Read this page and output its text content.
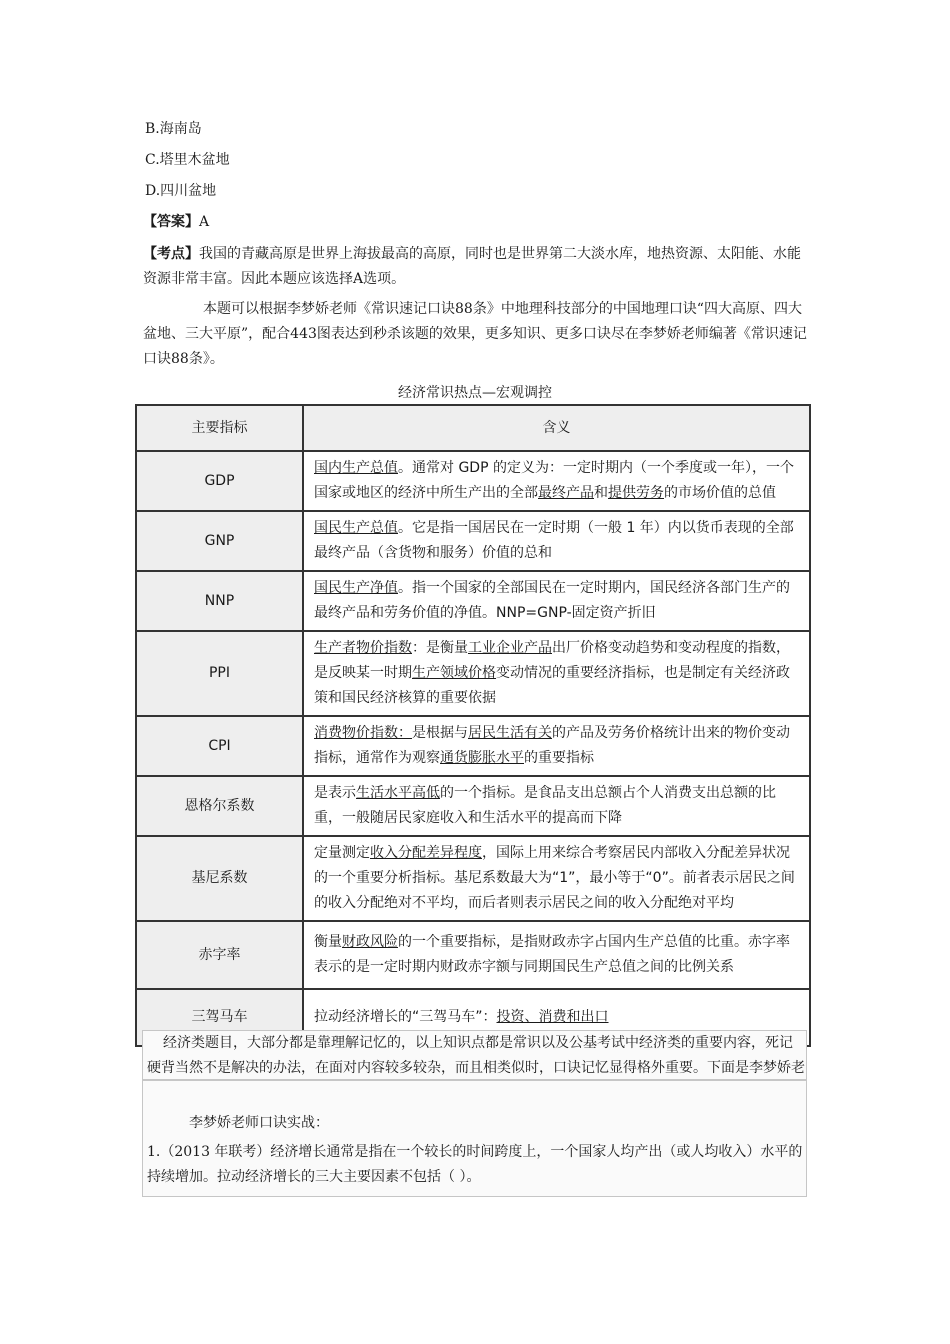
B.海南岛
C.塔里木盆地
D.四川盆地
【答案】A
【考点】我国的青藏高原是世界上海拔最高的高原，同时也是世界第二大淡水库，地热资源、太阳能、水能资源非常丰富。因此本题应该选择A选项。
本题可以根据李梦娇老师《常识速记口诀88条》中地理科技部分的中国地理口诀“四大高原、四大盆地、三大平原”，配合443图表达到秒杀该题的效果，更多知识、更多口诀尽在李梦娇老师编著《常识速记口诀88条》。
经济常识热点—宏观调控
主要指标	含义
GDP	国内生产总值。通常对 GDP 的定义为：一定时期内（一个季度或一年），一个国家或地区的经济中所生产出的全部最终产品和提供劳务的市场价值的总值
GNP	国民生产总值。它是指一国居民在一定时期（一般 1 年）内以货币表现的全部最终产品（含货物和服务）价值的总和
NNP	国民生产净值。指一个国家的全部国民在一定时期内，国民经济各部门生产的最终产品和劳务价值的净值。NNP=GNP-固定资产折旧
PPI	生产者物价指数：是衡量工业企业产品出厂价格变动趋势和变动程度的指数，是反映某一时期生产领域价格变动情况的重要经济指标，也是制定有关经济政策和国民经济核算的重要依据
CPI	消费物价指数：是根据与居民生活有关的产品及劳务价格统计出来的物价变动指标，通常作为观察通货膨胀水平的重要指标
恩格尔系数	是表示生活水平高低的一个指标。是食品支出总额占个人消费支出总额的比重，一般随居民家庭收入和生活水平的提高而下降
基尼系数	定量测定收入分配差异程度，国际上用来综合考察居民内部收入分配差异状况的一个重要分析指标。基尼系数最大为“1”，最小等于“0”。前者表示居民之间的收入分配绝对不平均，而后者则表示居民之间的收入分配绝对平均
赤字率	衡量财政风险的一个重要指标，是指财政赤字占国内生产总值的比重。赤字率表示的是一定时期内财政赤字额与同期国民生产总值之间的比例关系
三驾马车	拉动经济增长的“三驾马车”：投资、消费和出口
经济类题目，大部分都是靠理解记忆的，以上知识点都是常识以及公基考试中经济类的重要内容，死记硬背当然不是解决的办法，在面对内容较多较杂，而且相类似时，口诀记忆显得格外重要。下面是李梦娇老

李梦娇老师口诀实战：
1.（2013 年联考）经济增长通常是指在一个较长的时间跨度上，一个国家人均产出（或人均收入）水平的持续增加。拉动经济增长的三大主要因素不包括（ ）。
